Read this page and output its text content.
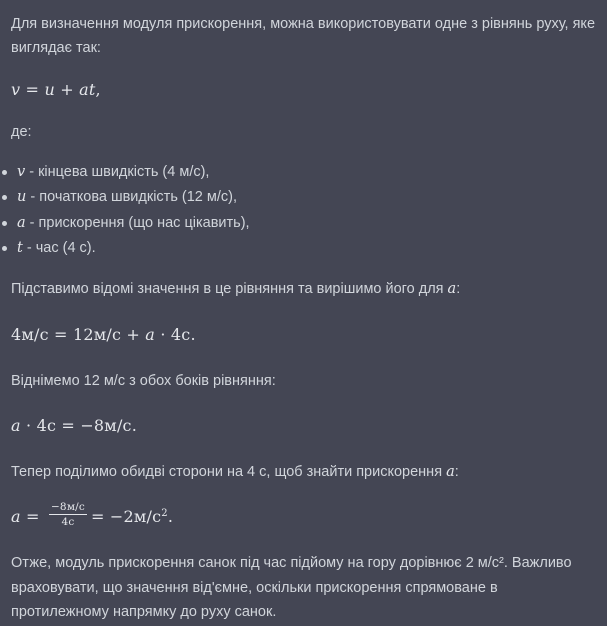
Для визначення модуля прискорення, можна використовувати одне з рівнянь руху, яке виглядає так:

v = u + at,

де:

v - кінцева швидкість (4 м/с),
u - початкова швидкість (12 м/с),
a - прискорення (що нас цікавить),
t - час (4 с).

Підставимо відомі значення в це рівняння та вирішимо його для a:

4м/с = 12м/с + a · 4с.

Віднімемо 12 м/с з обох боків рівняння:

a · 4с = −8м/с.

Тепер поділимо обидві сторони на 4 с, щоб знайти прискорення a:

$a = \frac{-8м/с}{4с} = -2м/с^2$.

Отже, модуль прискорення санок під час підйому на гору дорівнює 2 м/с². Важливо враховувати, що значення від'ємне, оскільки прискорення спрямоване в протилежному напрямку до руху санок.
